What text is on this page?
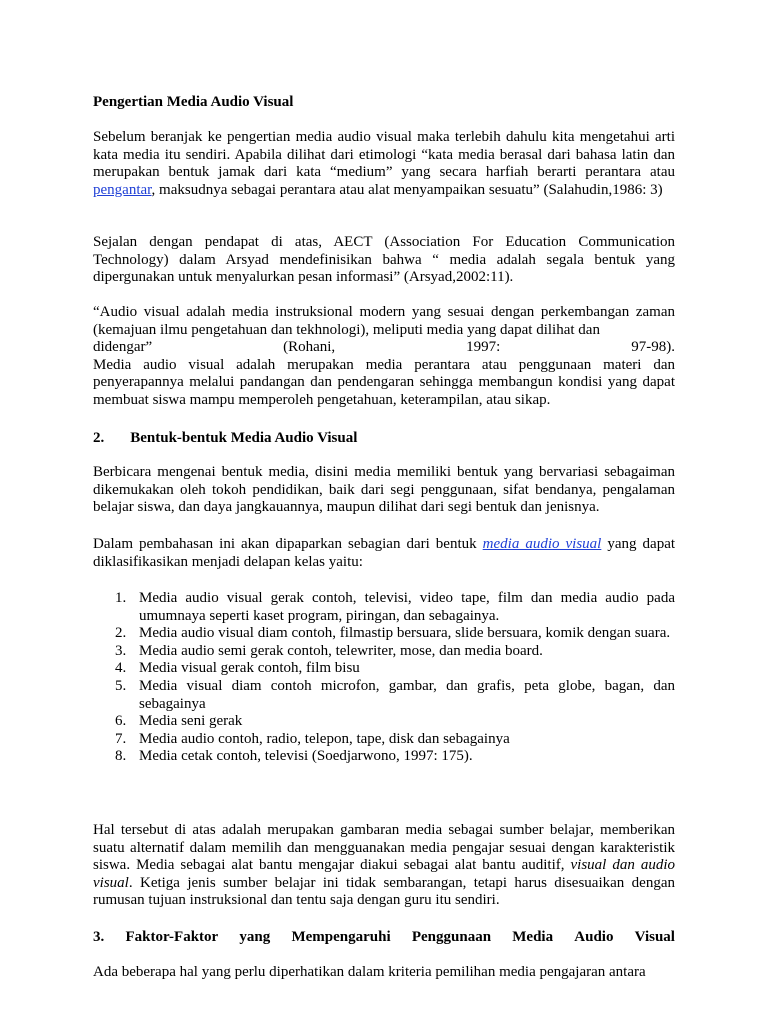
Pengertian Media Audio Visual

Sebelum beranjak ke pengertian media audio visual maka terlebih dahulu kita mengetahui arti kata media itu sendiri. Apabila dilihat dari etimologi “kata media berasal dari bahasa latin dan merupakan bentuk jamak dari kata “medium” yang secara harfiah berarti perantara atau pengantar, maksudnya sebagai perantara atau alat menyampaikan sesuatu” (Salahudin,1986: 3)

Sejalan dengan pendapat di atas, AECT (Association For Education Communication Technology) dalam Arsyad mendefinisikan bahwa “ media adalah segala bentuk yang dipergunakan untuk menyalurkan pesan informasi” (Arsyad,2002:11).

“Audio visual adalah media instruksional modern yang sesuai dengan perkembangan zaman (kemajuan ilmu pengetahuan dan tekhnologi), meliputi media yang dapat dilihat dan
didengar”	(Rohani,	1997:	97-98).
Media audio visual adalah merupakan media perantara atau penggunaan materi dan penyerapannya melalui pandangan dan pendengaran sehingga membangun kondisi yang dapat membuat siswa mampu memperoleh pengetahuan, keterampilan, atau sikap.

2. Bentuk-bentuk Media Audio Visual

Berbicara mengenai bentuk media, disini media memiliki bentuk yang bervariasi sebagaiman dikemukakan oleh tokoh pendidikan, baik dari segi penggunaan, sifat bendanya, pengalaman belajar siswa, dan daya jangkauannya, maupun dilihat dari segi bentuk dan jenisnya.

Dalam pembahasan ini akan dipaparkan sebagian dari bentuk media audio visual yang dapat diklasifikasikan menjadi delapan kelas yaitu:

1. Media audio visual gerak contoh, televisi, video tape, film dan media audio pada umumnaya seperti kaset program, piringan, dan sebagainya.
2. Media audio visual diam contoh, filmastip bersuara, slide bersuara, komik dengan suara.
3. Media audio semi gerak contoh, telewriter, mose, dan media board.
4. Media visual gerak contoh, film bisu
5. Media visual diam contoh microfon, gambar, dan grafis, peta globe, bagan, dan sebagainya
6. Media seni gerak
7. Media audio contoh, radio, telepon, tape, disk dan sebagainya
8. Media cetak contoh, televisi (Soedjarwono, 1997: 175).

Hal tersebut di atas adalah merupakan gambaran media sebagai sumber belajar, memberikan suatu alternatif dalam memilih dan mengguanakan media pengajar sesuai dengan karakteristik siswa. Media sebagai alat bantu mengajar diakui sebagai alat bantu auditif, visual dan audio visual. Ketiga jenis sumber belajar ini tidak sembarangan, tetapi harus disesuaikan dengan rumusan tujuan instruksional dan tentu saja dengan guru itu sendiri.

3. Faktor-Faktor yang Mempengaruhi Penggunaan Media Audio Visual

Ada beberapa hal yang perlu diperhatikan dalam kriteria pemilihan media pengajaran antara
